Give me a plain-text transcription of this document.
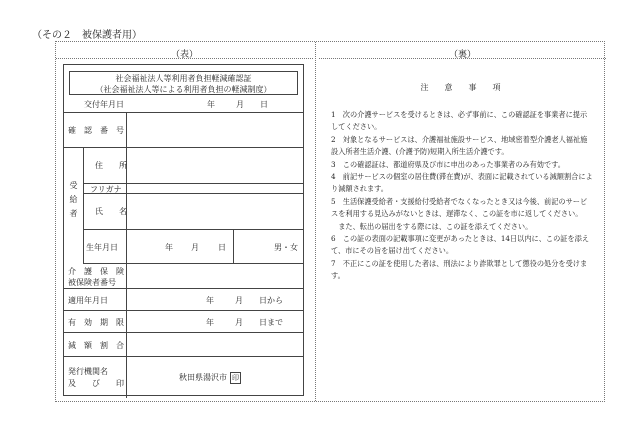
（その２　被保護者用）
（表）
社会福祉法人等利用者負担軽減確認証
（社会福祉法人等による利用者負担の軽減制度）
交付年月日	年	月 日
確　認　番　号
受給者
住　　所
フリガナ
氏　　名
生年月日	年 月 日	男・女
介　護　保　険
被保険者番号
適用年月日	年	月 日から
有　効　期　限	年	月 日まで
減　額　割　合
発行機関名
及　　び　　印
秋田県湯沢市 印
（裏）
注　意　事　項

1　次の介護サービスを受けるときは、必ず事前に、この確認証を事業者に提示してください。

2　対象となるサービスは、介護福祉施設サービス、地域密着型介護老人福祉施設入所者生活介護、(介護予防)短期入所生活介護です。

3　この確認証は、都道府県及び市に申出のあった事業者のみ有効です。

4　前記サービスの個室の居住費(滞在費)が、表面に記載されている減額割合により減額されます。

5　生活保護受給者・支援給付受給者でなくなったとき又は今後、前記のサービスを利用する見込みがないときは、遅滞なく、この証を市に返してください。

　また、転出の届出をする際には、この証を添えてください。

6　この証の表面の記載事項に変更があったときは、14日以内に、この証を添えて、市にその旨を届け出てください。

7　不正にこの証を使用した者は、刑法により詐欺罪として懲役の処分を受けます。
